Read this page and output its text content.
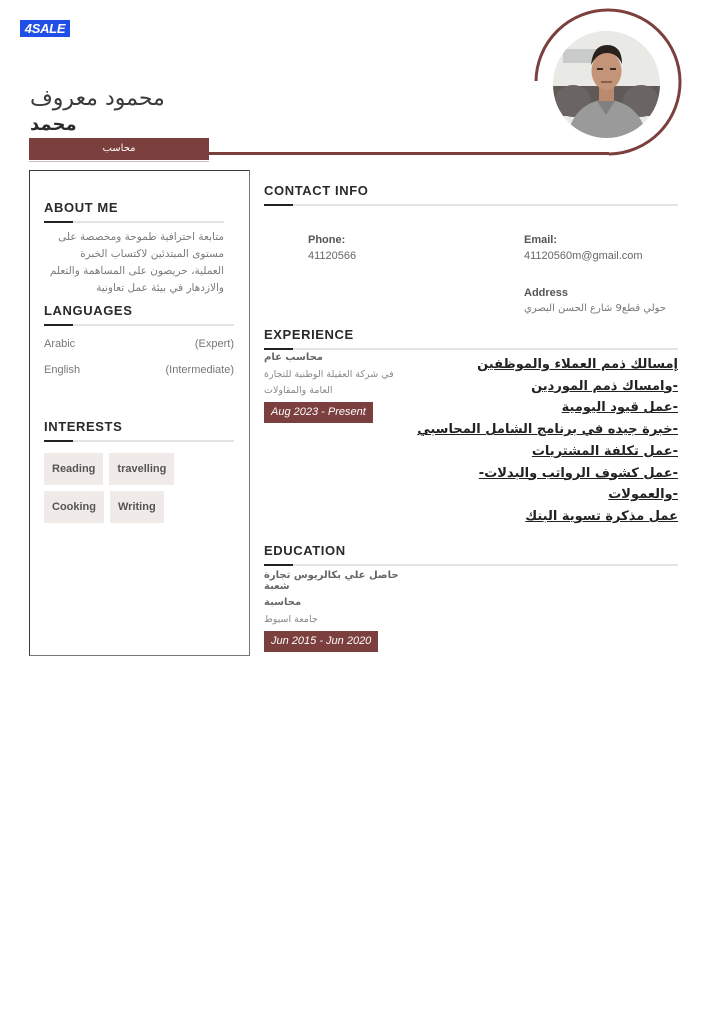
4SALE
محمود معروف
محمد
محاسب
ABOUT ME
متابعة احترافية طموحة ومخصصة على مستوى المبتدئين لاكتساب الخبرة العملية، حريصون على المساهمة والتعلم والازدهار في بيئة عمل تعاونية
LANGUAGES
Arabic	(Expert)
English	(Intermediate)
INTERESTS
Reading	travelling
Cooking	Writing
CONTACT INFO
Phone:
41120566
Email:
41120560m@gmail.com
Address
حولي قطع9 شارع الحسن البصري
EXPERIENCE
محاسب عام
في شركة العقيلة الوطنية للتجارة
العامة والمقاولات
Aug 2023 - Present
إمسالك ذمم العملاء والموظفين
-وامساك ذمم الموردين
-عمل قيود اليومية
-خبرة جيده في برنامج الشامل المحاسبي
-عمل تكلفة المشتريات
-عمل كشوف الرواتب والبدلات-
-والعمولات
عمل مذكرة تسوية البنك
EDUCATION
حاصل علي بكالريوس تجارة شعبة
محاسبة
جامعة اسيوط
Jun 2015 - Jun 2020
